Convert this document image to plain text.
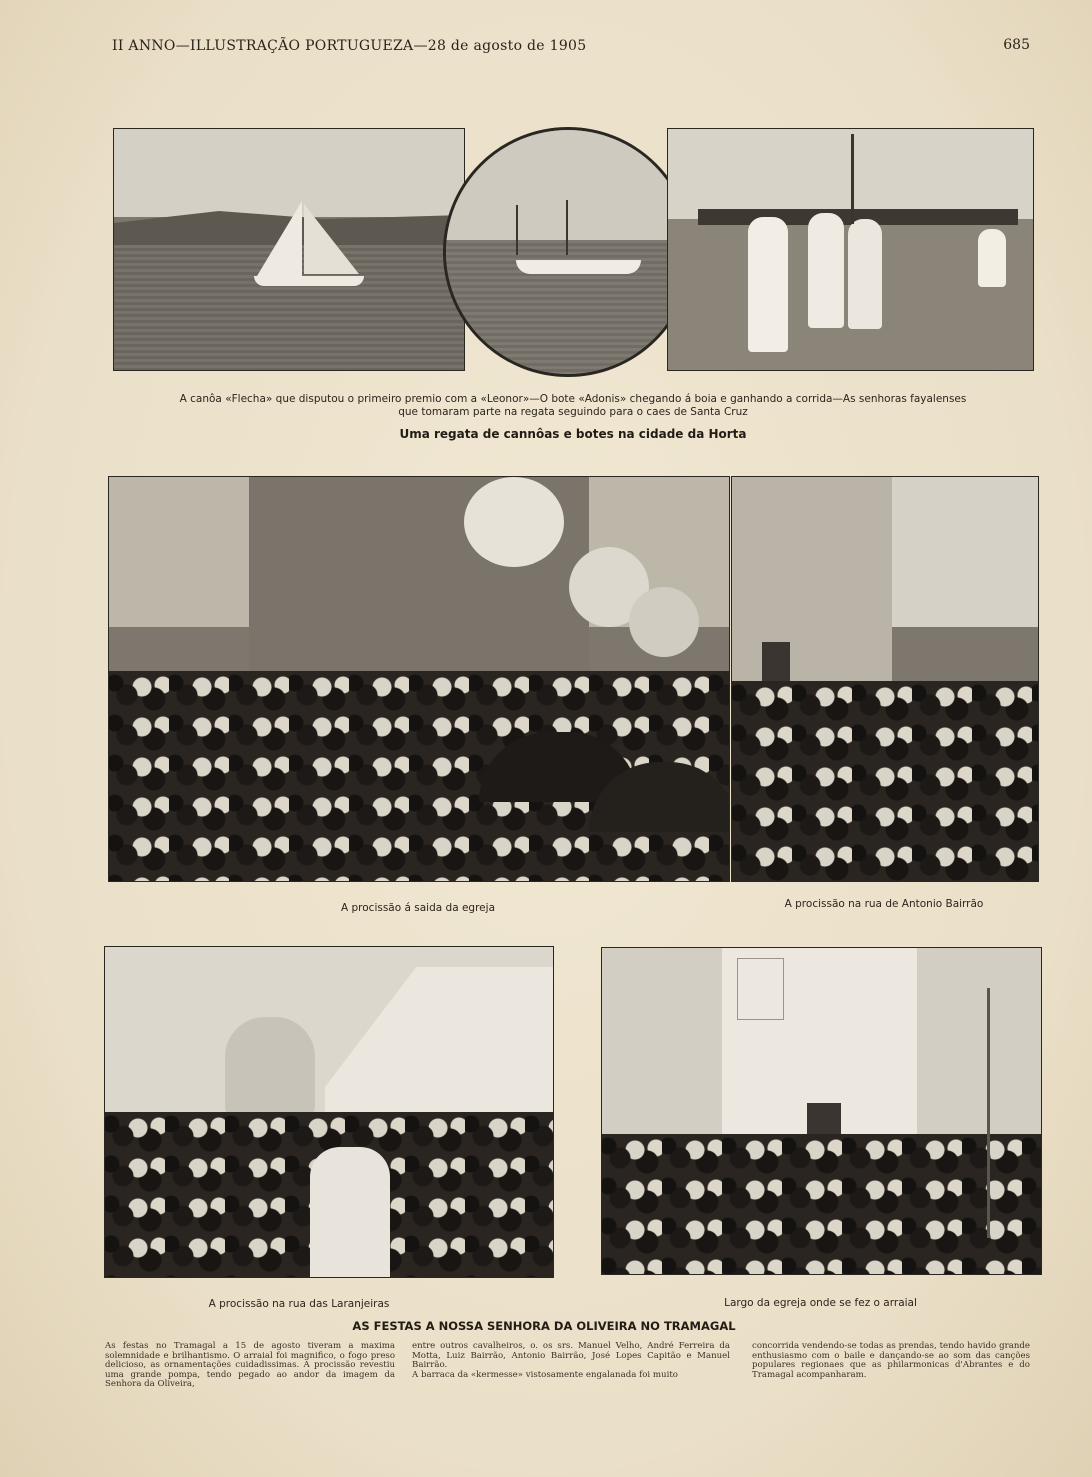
II ANNO—ILLUSTRAÇÃO PORTUGUEZA—28 de agosto de 1905	685
A canôa «Flecha» que disputou o primeiro premio com a «Leonor»—O bote «Adonis» chegando á boia e ganhando a corrida—As senhoras fayalenses
que tomaram parte na regata seguindo para o caes de Santa Cruz
Uma regata de cannôas e botes na cidade da Horta
A procissão á saida da egreja	A procissão na rua de Antonio Bairrão
A procissão na rua das Laranjeiras	Largo da egreja onde se fez o arraial
AS FESTAS A NOSSA SENHORA DA OLIVEIRA NO TRAMAGAL
As festas no Tramagal a 15 de agosto tiveram a maxima solemnidade e brilhantismo. O arraial foi magnifico, o fogo preso delicioso, as ornamentações cuidadissimas. A procissão revestiu uma grande pompa, tendo pegado ao andor da imagem da Senhora da Oliveira,
entre outros cavalheiros, o. os srs. Manuel Velho, André Ferreira da Motta, Luiz Bairrão, Antonio Bairrão, José Lopes Capitão e Manuel Bairrão.
A barraca da «kermesse» vistosamente engalanada foi muito
concorrida vendendo-se todas as prendas, tendo havido grande enthusiasmo com o baile e dançando-se ao som das canções populares regionaes que as philarmonicas d'Abrantes e do Tramagal acompanharam.
